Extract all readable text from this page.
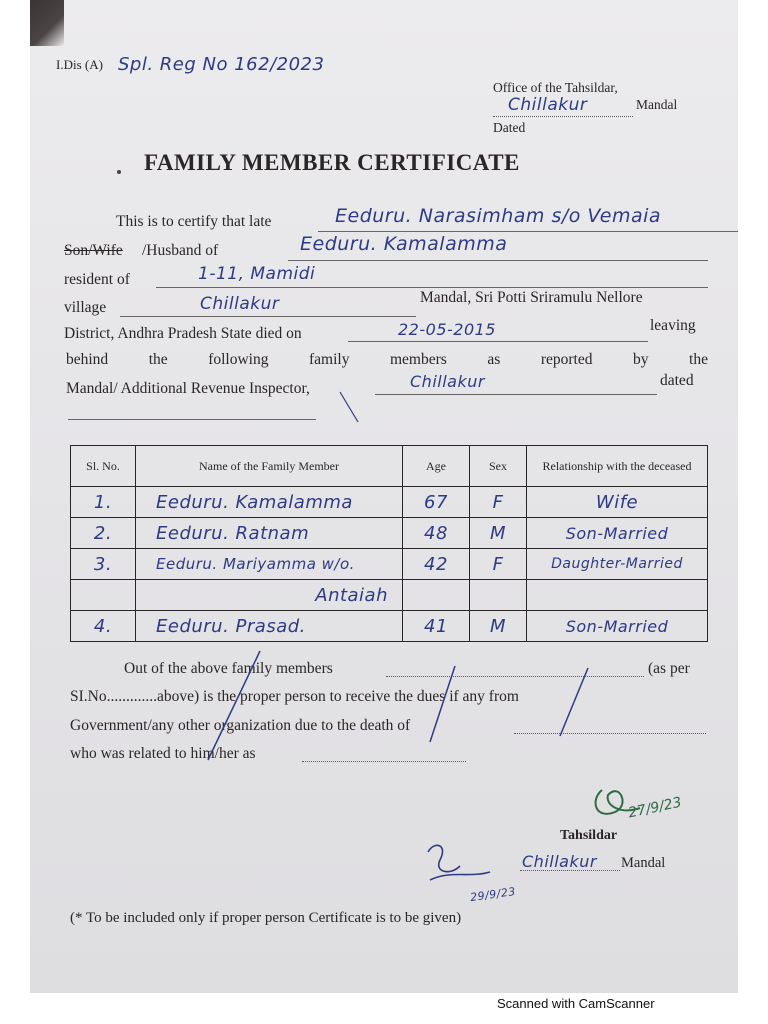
I.Dis (A) Spl. Reg No 162/2023
Office of the Tahsildar,
Chillakur	Mandal
Dated
FAMILY MEMBER CERTIFICATE
This is to certify that late	Eeduru. Narasimham s/o Vemaia
Son/Wife /Husband of	Eeduru. Kamalamma
resident of	1-11, Mamidi
village	Chillakur	Mandal, Sri Potti Sriramulu Nellore
District, Andhra Pradesh State died on	22-05-2015	leaving
behind	the	following	family	members	as	reported	by	the
Mandal/ Additional Revenue Inspector,	Chillakur	dated
Sl. No.	Name of the Family Member	Age	Sex	Relationship with the deceased
1.	Eeduru. Kamalamma	67	F	Wife
2.	Eeduru. Ratnam	48	M	Son-Married
3.	Eeduru. Mariyamma w/o.	42	F	Daughter-Married
	Antaiah			
4.	Eeduru. Prasad.	41	M	Son-Married
Out of the above family members	(as per
SI.No.............above) is the proper person to receive the dues if any from
Government/any other organization due to the death of
who was related to him/her as
27/9/23
Tahsildar
Chillakur Mandal
29/9/23
(* To be included only if proper person Certificate is to be given)
Scanned with CamScanner
